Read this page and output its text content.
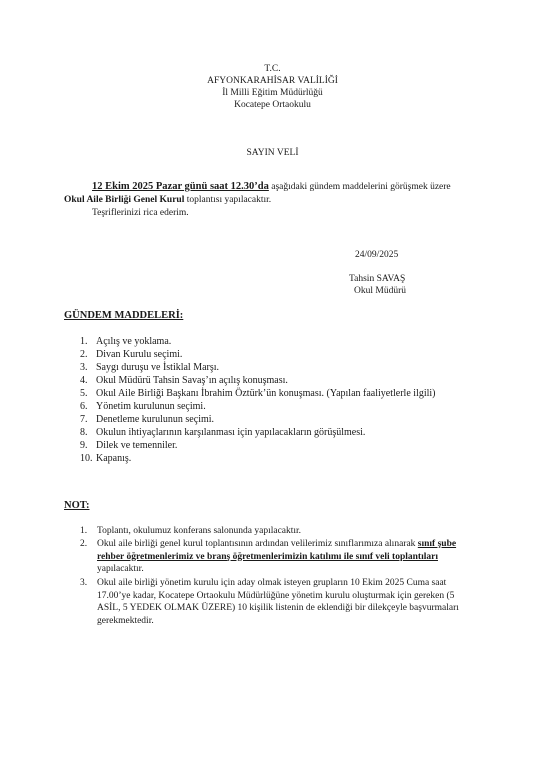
T.C.
AFYONKARAHİSAR VALİLİĞİ
İl Milli Eğitim Müdürlüğü
Kocatepe Ortaokulu
SAYIN VELİ
12 Ekim 2025 Pazar günü saat 12.30’da aşağıdaki gündem maddelerini görüşmek üzere
Okul Aile Birliği Genel Kurul toplantısı yapılacaktır.
Teşriflerinizi rica ederim.
24/09/2025
Tahsin SAVAŞ
Okul Müdürü
GÜNDEM MADDELERİ:
1. Açılış ve yoklama.
2. Divan Kurulu seçimi.
3. Saygı duruşu ve İstiklal Marşı.
4. Okul Müdürü Tahsin Savaş’ın açılış konuşması.
5. Okul Aile Birliği Başkanı İbrahim Öztürk’ün konuşması. (Yapılan faaliyetlerle ilgili)
6. Yönetim kurulunun seçimi.
7. Denetleme kurulunun seçimi.
8. Okulun ihtiyaçlarının karşılanması için yapılacakların görüşülmesi.
9. Dilek ve temenniler.
10. Kapanış.
NOT:
1. Toplantı, okulumuz konferans salonunda yapılacaktır.
2. Okul aile birliği genel kurul toplantısının ardından velilerimiz sınıflarımıza alınarak sınıf şube rehber öğretmenlerimiz ve branş öğretmenlerimizin katılımı ile sınıf veli toplantıları yapılacaktır.
3. Okul aile birliği yönetim kurulu için aday olmak isteyen grupların 10 Ekim 2025 Cuma saat 17.00’ye kadar, Kocatepe Ortaokulu Müdürlüğüne yönetim kurulu oluşturmak için gereken (5 ASİL, 5 YEDEK OLMAK ÜZERE) 10 kişilik listenin de eklendiği bir dilekçeyle başvurmaları gerekmektedir.
